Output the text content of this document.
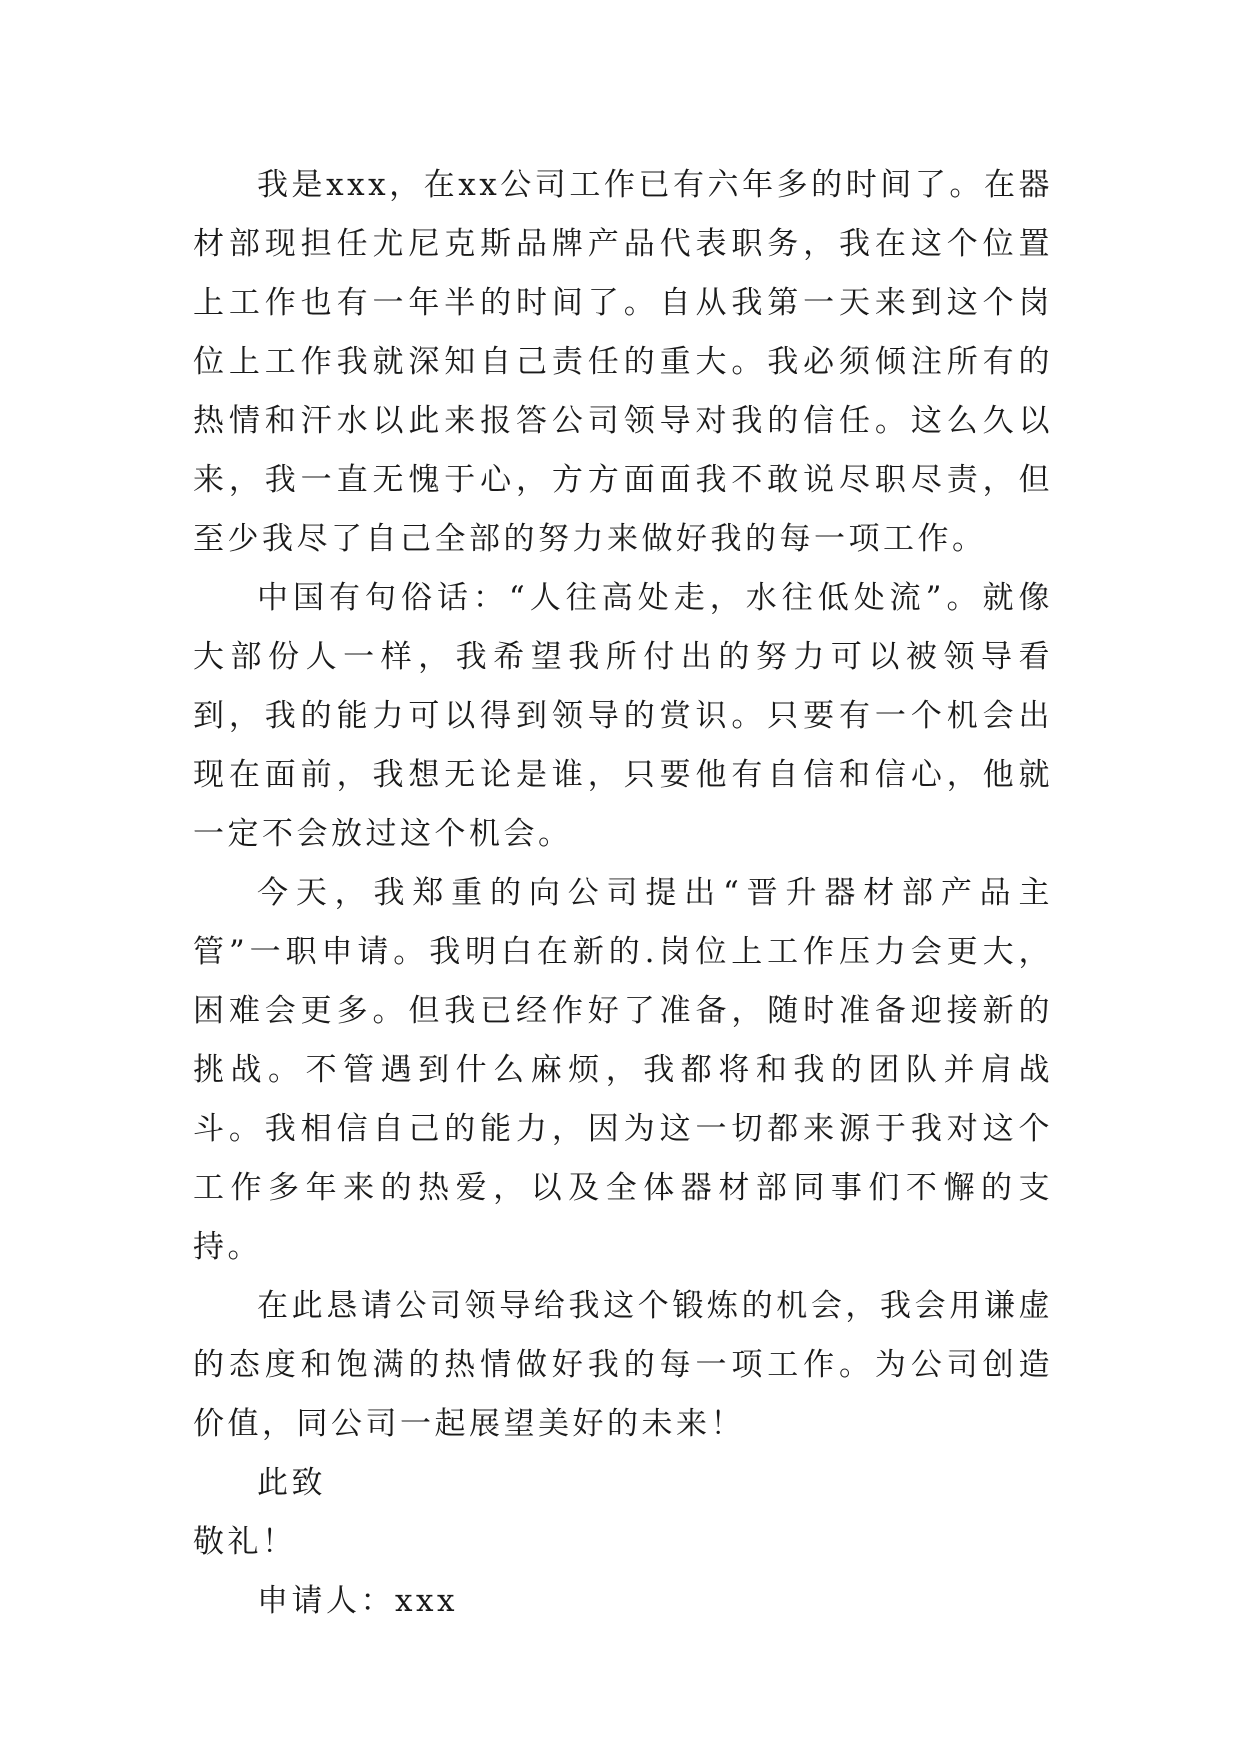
我是xxx，在xx公司工作已有六年多的时间了。在器材部现担任尤尼克斯品牌产品代表职务，我在这个位置上工作也有一年半的时间了。自从我第一天来到这个岗位上工作我就深知自己责任的重大。我必须倾注所有的热情和汗水以此来报答公司领导对我的信任。这么久以来，我一直无愧于心，方方面面我不敢说尽职尽责，但至少我尽了自己全部的努力来做好我的每一项工作。

中国有句俗话：“人往高处走，水往低处流”。就像大部份人一样，我希望我所付出的努力可以被领导看到，我的能力可以得到领导的赏识。只要有一个机会出现在面前，我想无论是谁，只要他有自信和信心，他就一定不会放过这个机会。

今天，我郑重的向公司提出“晋升器材部产品主管”一职申请。我明白在新的.岗位上工作压力会更大，困难会更多。但我已经作好了准备，随时准备迎接新的挑战。不管遇到什么麻烦，我都将和我的团队并肩战斗。我相信自己的能力，因为这一切都来源于我对这个工作多年来的热爱，以及全体器材部同事们不懈的支持。

在此恳请公司领导给我这个锻炼的机会，我会用谦虚的态度和饱满的热情做好我的每一项工作。为公司创造价值，同公司一起展望美好的未来！

此致

敬礼！

申请人：xxx
